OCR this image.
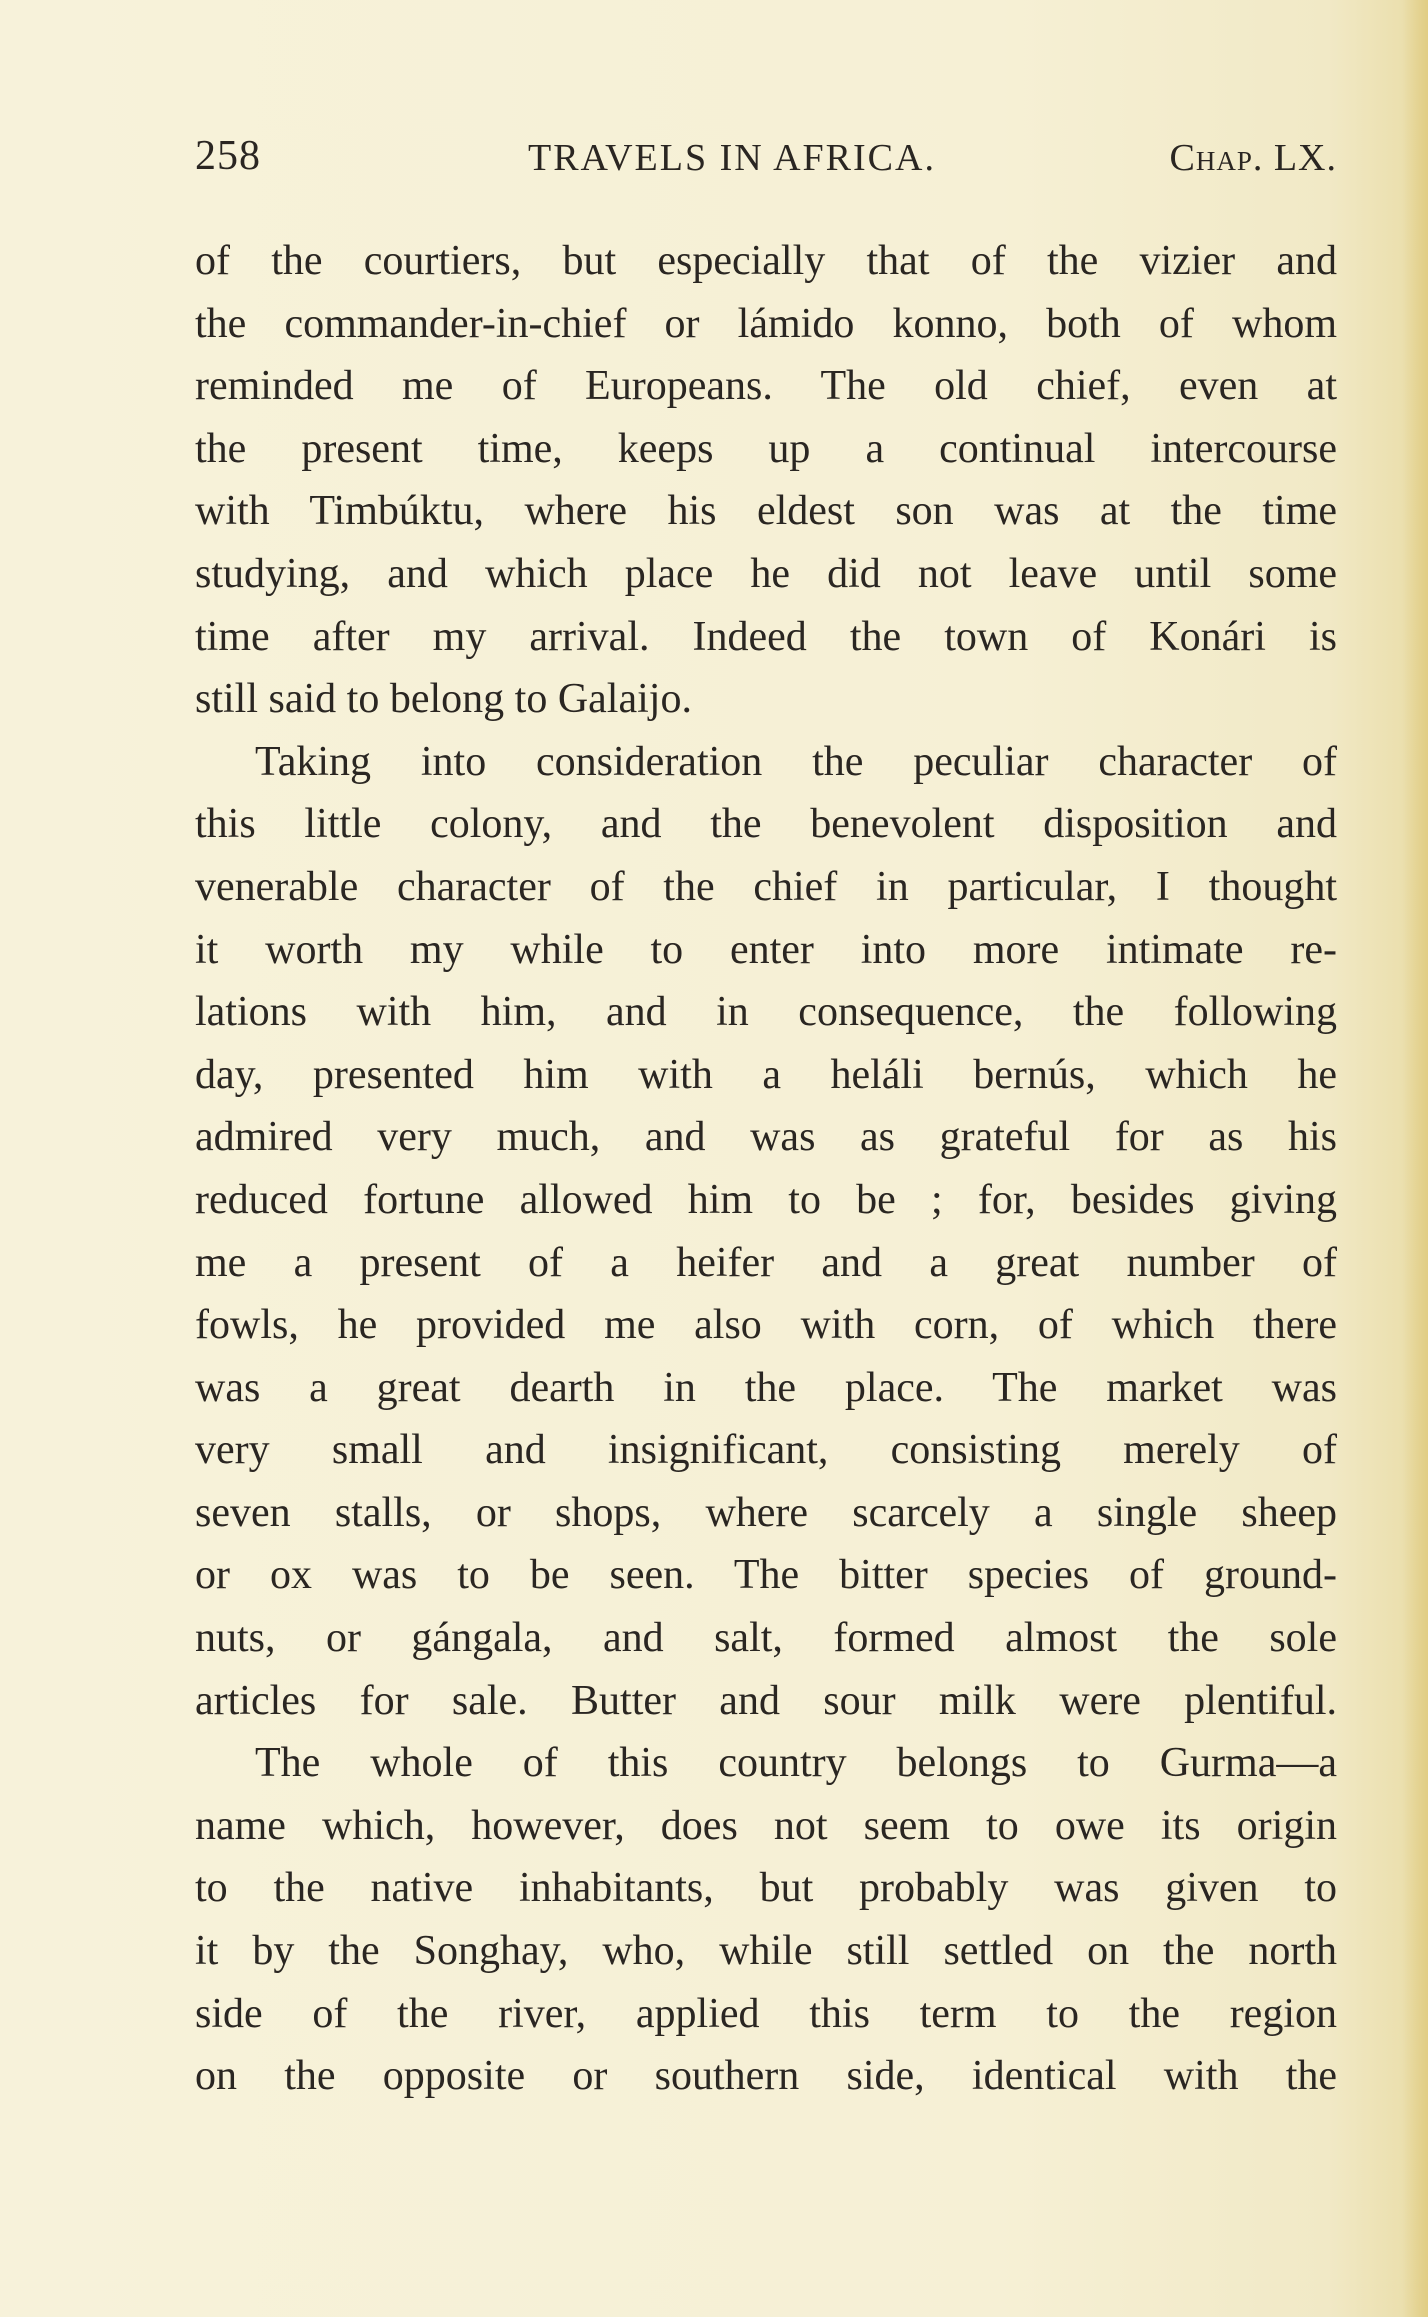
258	TRAVELS IN AFRICA.	Chap. LX.
of the courtiers, but especially that of the vizier and
the commander-in-chief or lámido konno, both of whom
reminded me of Europeans. The old chief, even at
the present time, keeps up a continual intercourse
with Timbúktu, where his eldest son was at the time
studying, and which place he did not leave until some
time after my arrival. Indeed the town of Konári is
still said to belong to Galaijo.
Taking into consideration the peculiar character of
this little colony, and the benevolent disposition and
venerable character of the chief in particular, I thought
it worth my while to enter into more intimate re-
lations with him, and in consequence, the following
day, presented him with a heláli bernús, which he
admired very much, and was as grateful for as his
reduced fortune allowed him to be ; for, besides giving
me a present of a heifer and a great number of
fowls, he provided me also with corn, of which there
was a great dearth in the place. The market was
very small and insignificant, consisting merely of
seven stalls, or shops, where scarcely a single sheep
or ox was to be seen. The bitter species of ground-
nuts, or gángala, and salt, formed almost the sole
articles for sale. Butter and sour milk were plentiful.
The whole of this country belongs to Gurma—a
name which, however, does not seem to owe its origin
to the native inhabitants, but probably was given to
it by the Songhay, who, while still settled on the north
side of the river, applied this term to the region
on the opposite or southern side, identical with the
